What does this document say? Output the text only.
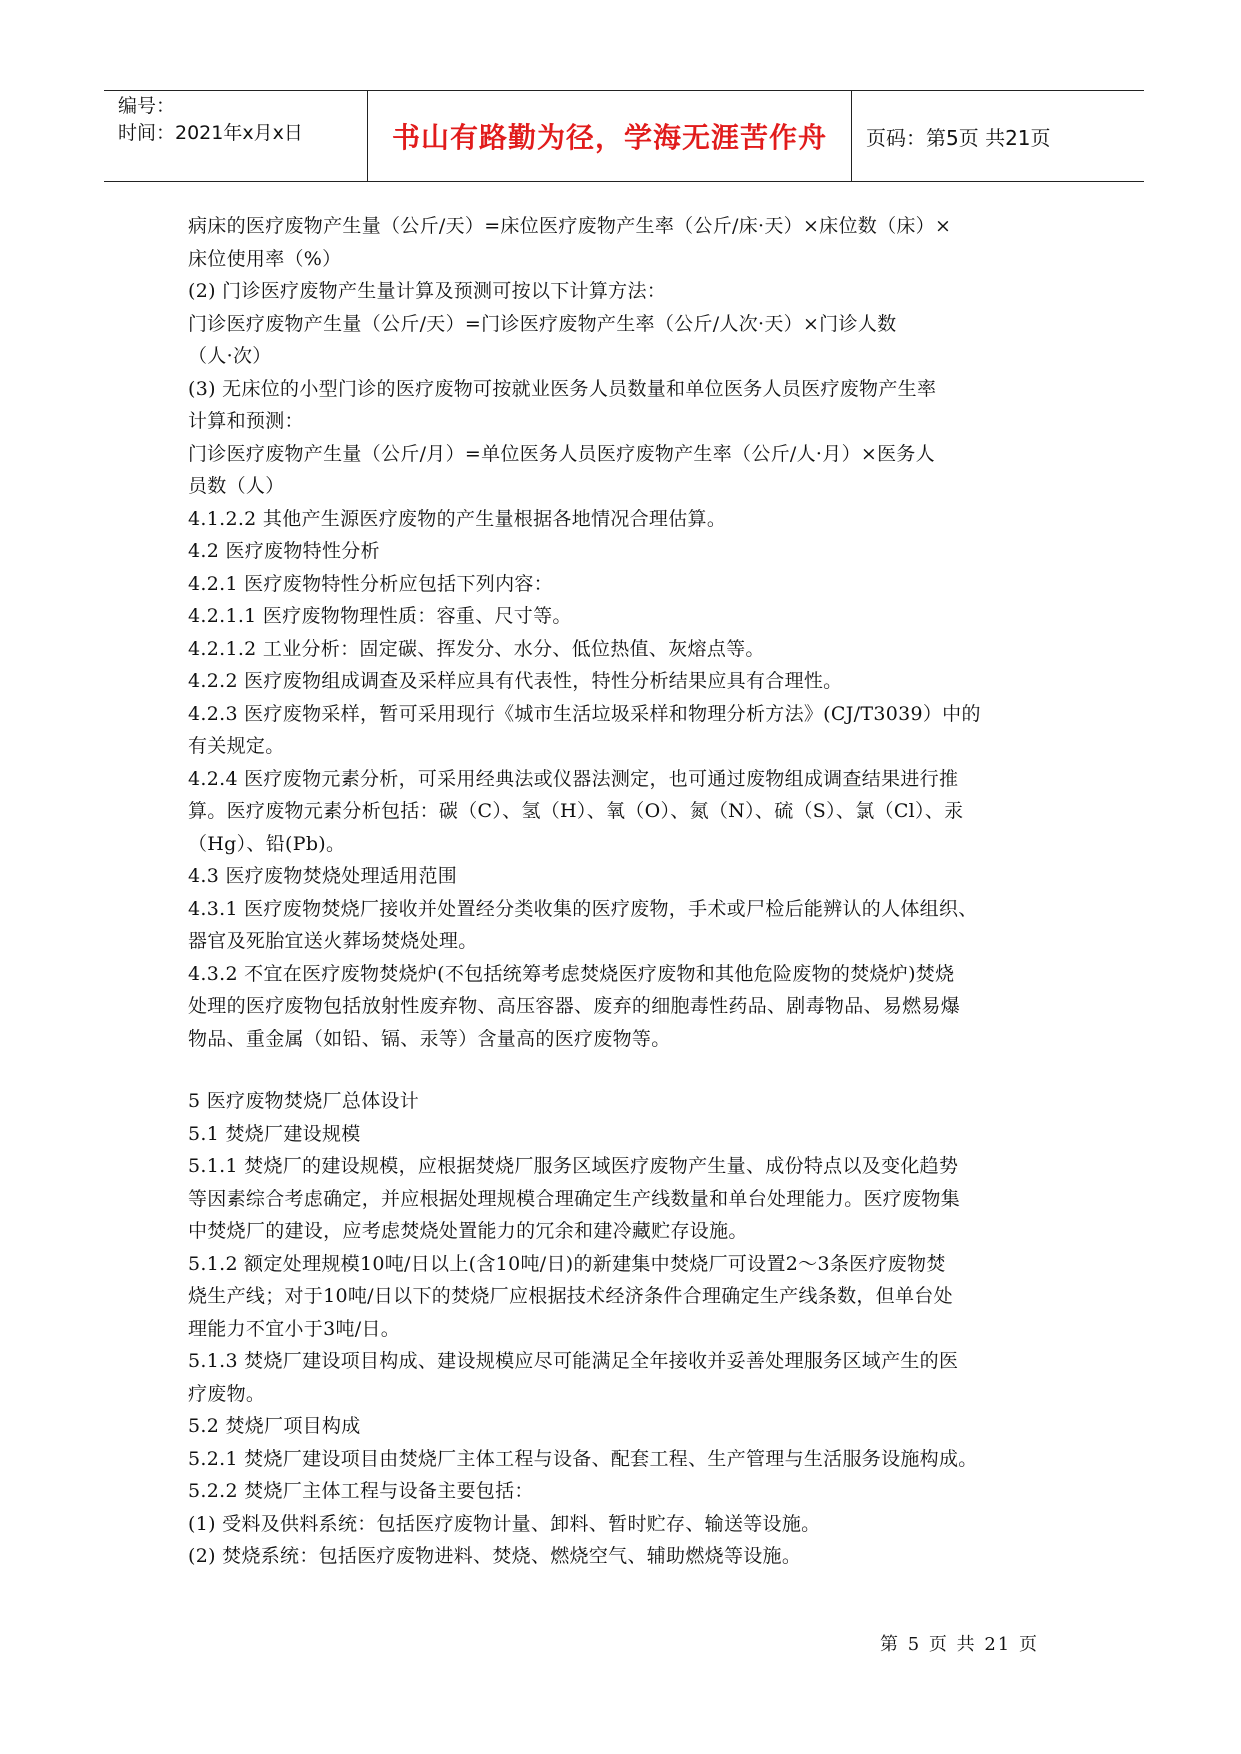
编号：
时间：2021年x月x日	书山有路勤为径，学海无涯苦作舟	页码：第5页 共21页
病床的医疗废物产生量（公斤/天）=床位医疗废物产生率（公斤/床·天）×床位数（床）×
床位使用率（%）
(2) 门诊医疗废物产生量计算及预测可按以下计算方法：
门诊医疗废物产生量（公斤/天）=门诊医疗废物产生率（公斤/人次·天）×门诊人数
（人·次）
(3) 无床位的小型门诊的医疗废物可按就业医务人员数量和单位医务人员医疗废物产生率
计算和预测：
门诊医疗废物产生量（公斤/月）=单位医务人员医疗废物产生率（公斤/人·月）×医务人
员数（人）
4.1.2.2 其他产生源医疗废物的产生量根据各地情况合理估算。
4.2 医疗废物特性分析
4.2.1 医疗废物特性分析应包括下列内容：
4.2.1.1 医疗废物物理性质：容重、尺寸等。
4.2.1.2 工业分析：固定碳、挥发分、水分、低位热值、灰熔点等。
4.2.2 医疗废物组成调查及采样应具有代表性，特性分析结果应具有合理性。
4.2.3 医疗废物采样，暂可采用现行《城市生活垃圾采样和物理分析方法》(CJ/T3039）中的
有关规定。
4.2.4 医疗废物元素分析，可采用经典法或仪器法测定，也可通过废物组成调查结果进行推
算。医疗废物元素分析包括：碳（C）、氢（H）、氧（O）、氮（N）、硫（S）、氯（Cl）、汞
（Hg）、铅(Pb)。
4.3 医疗废物焚烧处理适用范围
4.3.1 医疗废物焚烧厂接收并处置经分类收集的医疗废物，手术或尸检后能辨认的人体组织、
器官及死胎宜送火葬场焚烧处理。
4.3.2 不宜在医疗废物焚烧炉(不包括统筹考虑焚烧医疗废物和其他危险废物的焚烧炉)焚烧
处理的医疗废物包括放射性废弃物、高压容器、废弃的细胞毒性药品、剧毒物品、易燃易爆
物品、重金属（如铅、镉、汞等）含量高的医疗废物等。
5 医疗废物焚烧厂总体设计
5.1 焚烧厂建设规模
5.1.1 焚烧厂的建设规模，应根据焚烧厂服务区域医疗废物产生量、成份特点以及变化趋势
等因素综合考虑确定，并应根据处理规模合理确定生产线数量和单台处理能力。医疗废物集
中焚烧厂的建设，应考虑焚烧处置能力的冗余和建冷藏贮存设施。
5.1.2 额定处理规模10吨/日以上(含10吨/日)的新建集中焚烧厂可设置2～3条医疗废物焚
烧生产线；对于10吨/日以下的焚烧厂应根据技术经济条件合理确定生产线条数，但单台处
理能力不宜小于3吨/日。
5.1.3 焚烧厂建设项目构成、建设规模应尽可能满足全年接收并妥善处理服务区域产生的医
疗废物。
5.2 焚烧厂项目构成
5.2.1 焚烧厂建设项目由焚烧厂主体工程与设备、配套工程、生产管理与生活服务设施构成。
5.2.2 焚烧厂主体工程与设备主要包括：
(1) 受料及供料系统：包括医疗废物计量、卸料、暂时贮存、输送等设施。
(2) 焚烧系统：包括医疗废物进料、焚烧、燃烧空气、辅助燃烧等设施。
第 5 页 共 21 页
